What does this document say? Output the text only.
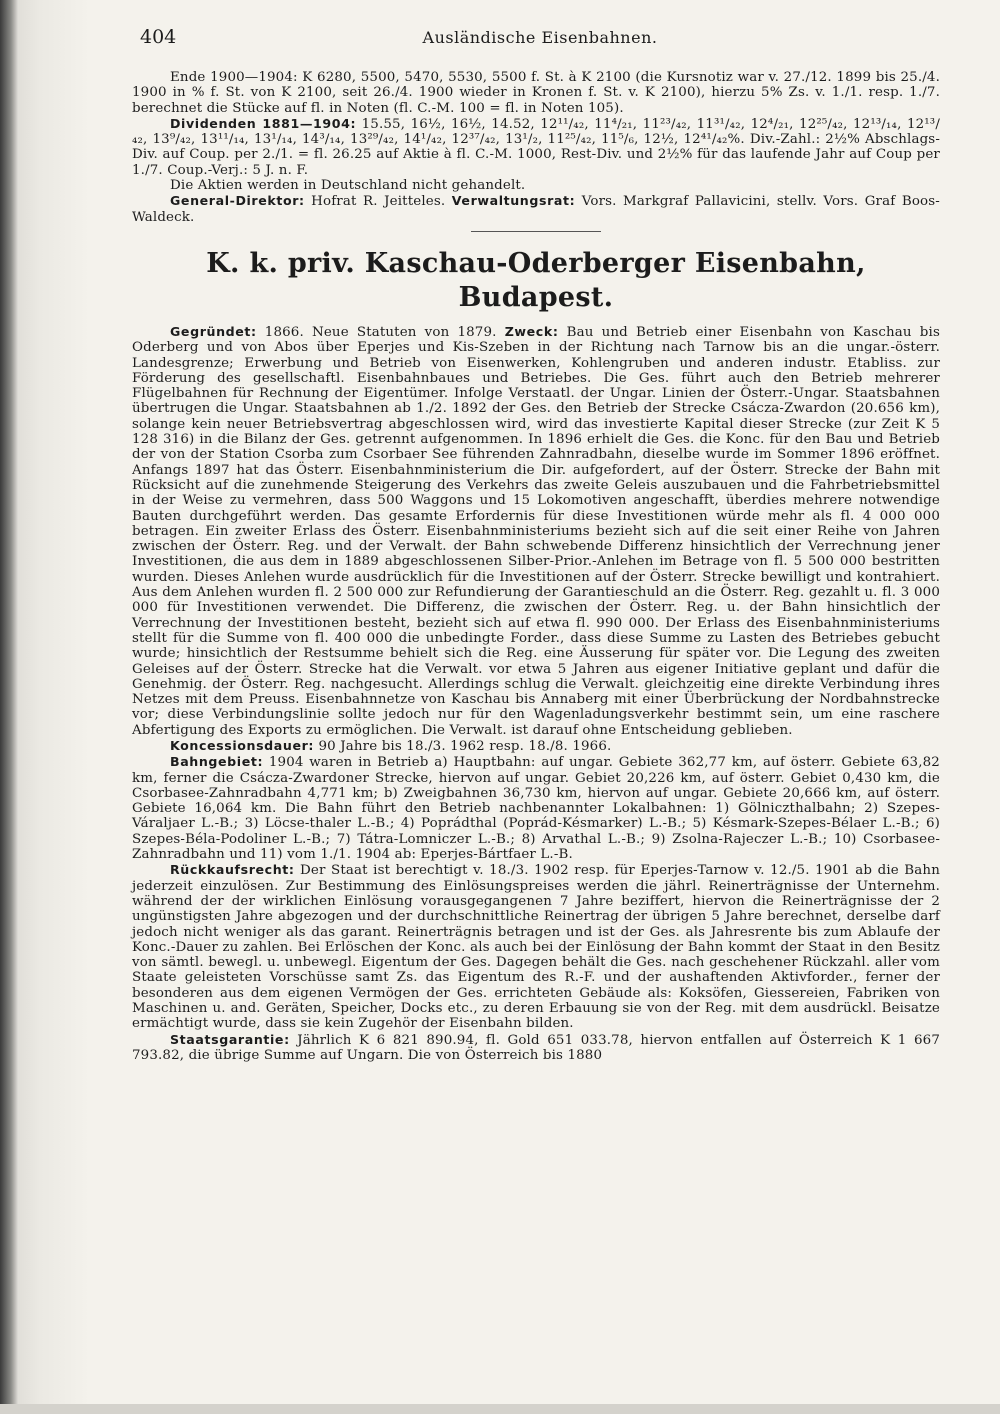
404	Ausländische Eisenbahnen.

Ende 1900—1904: K 6280, 5500, 5470, 5530, 5500 f. St. à K 2100 (die Kursnotiz war v. 27./12. 1899 bis 25./4. 1900 in % f. St. von K 2100, seit 26./4. 1900 wieder in Kronen f. St. v. K 2100), hierzu 5% Zs. v. 1./1. resp. 1./7. berechnet die Stücke auf fl. in Noten (fl. C.-M. 100 = fl. in Noten 105).

Dividenden 1881—1904: 15.55, 16½, 16½, 14.52, 12¹¹/₄₂, 11⁴/₂₁, 11²³/₄₂, 11³¹/₄₂, 12⁴/₂₁, 12²⁵/₄₂, 12¹³/₁₄, 12¹³/₄₂, 13⁹/₄₂, 13¹¹/₁₄, 13¹/₁₄, 14³/₁₄, 13²⁹/₄₂, 14¹/₄₂, 12³⁷/₄₂, 13¹/₂, 11²⁵/₄₂, 11⁵/₆, 12½, 12⁴¹/₄₂%. Div.-Zahl.: 2½% Abschlags-Div. auf Coup. per 2./1. = fl. 26.25 auf Aktie à fl. C.-M. 1000, Rest-Div. und 2½% für das laufende Jahr auf Coup per 1./7. Coup.-Verj.: 5 J. n. F.

Die Aktien werden in Deutschland nicht gehandelt.

General-Direktor: Hofrat R. Jeitteles. Verwaltungsrat: Vors. Markgraf Pallavicini, stellv. Vors. Graf Boos-Waldeck.

K. k. priv. Kaschau-Oderberger Eisenbahn, Budapest.

Gegründet: 1866. Neue Statuten von 1879. Zweck: Bau und Betrieb einer Eisenbahn von Kaschau bis Oderberg und von Abos über Eperjes und Kis-Szeben in der Richtung nach Tarnow bis an die ungar.-österr. Landesgrenze; Erwerbung und Betrieb von Eisenwerken, Kohlengruben und anderen industr. Etabliss. zur Förderung des gesellschaftl. Eisenbahnbaues und Betriebes. Die Ges. führt auch den Betrieb mehrerer Flügelbahnen für Rechnung der Eigentümer. Infolge Verstaatl. der Ungar. Linien der Österr.-Ungar. Staatsbahnen übertrugen die Ungar. Staatsbahnen ab 1./2. 1892 der Ges. den Betrieb der Strecke Csácza-Zwardon (20.656 km), solange kein neuer Betriebsvertrag abgeschlossen wird, wird das investierte Kapital dieser Strecke (zur Zeit K 5 128 316) in die Bilanz der Ges. getrennt aufgenommen. In 1896 erhielt die Ges. die Konc. für den Bau und Betrieb der von der Station Csorba zum Csorbaer See führenden Zahnradbahn, dieselbe wurde im Sommer 1896 eröffnet. Anfangs 1897 hat das Österr. Eisenbahnministerium die Dir. aufgefordert, auf der Österr. Strecke der Bahn mit Rücksicht auf die zunehmende Steigerung des Verkehrs das zweite Geleis auszubauen und die Fahrbetriebsmittel in der Weise zu vermehren, dass 500 Waggons und 15 Lokomotiven angeschafft, überdies mehrere notwendige Bauten durchgeführt werden. Das gesamte Erfordernis für diese Investitionen würde mehr als fl. 4 000 000 betragen. Ein zweiter Erlass des Österr. Eisenbahnministeriums bezieht sich auf die seit einer Reihe von Jahren zwischen der Österr. Reg. und der Verwalt. der Bahn schwebende Differenz hinsichtlich der Verrechnung jener Investitionen, die aus dem in 1889 abgeschlossenen Silber-Prior.-Anlehen im Betrage von fl. 5 500 000 bestritten wurden. Dieses Anlehen wurde ausdrücklich für die Investitionen auf der Österr. Strecke bewilligt und kontrahiert. Aus dem Anlehen wurden fl. 2 500 000 zur Refundierung der Garantieschuld an die Österr. Reg. gezahlt u. fl. 3 000 000 für Investitionen verwendet. Die Differenz, die zwischen der Österr. Reg. u. der Bahn hinsichtlich der Verrechnung der Investitionen besteht, bezieht sich auf etwa fl. 990 000. Der Erlass des Eisenbahnministeriums stellt für die Summe von fl. 400 000 die unbedingte Forder., dass diese Summe zu Lasten des Betriebes gebucht wurde; hinsichtlich der Restsumme behielt sich die Reg. eine Äusserung für später vor. Die Legung des zweiten Geleises auf der Österr. Strecke hat die Verwalt. vor etwa 5 Jahren aus eigener Initiative geplant und dafür die Genehmig. der Österr. Reg. nachgesucht. Allerdings schlug die Verwalt. gleichzeitig eine direkte Verbindung ihres Netzes mit dem Preuss. Eisenbahnnetze von Kaschau bis Annaberg mit einer Überbrückung der Nordbahnstrecke vor; diese Verbindungslinie sollte jedoch nur für den Wagenladungsverkehr bestimmt sein, um eine raschere Abfertigung des Exports zu ermöglichen. Die Verwalt. ist darauf ohne Entscheidung geblieben.

Koncessionsdauer: 90 Jahre bis 18./3. 1962 resp. 18./8. 1966.

Bahngebiet: 1904 waren in Betrieb a) Hauptbahn: auf ungar. Gebiete 362,77 km, auf österr. Gebiete 63,82 km, ferner die Csácza-Zwardoner Strecke, hiervon auf ungar. Gebiet 20,226 km, auf österr. Gebiet 0,430 km, die Csorbasee-Zahnradbahn 4,771 km; b) Zweigbahnen 36,730 km, hiervon auf ungar. Gebiete 20,666 km, auf österr. Gebiete 16,064 km. Die Bahn führt den Betrieb nachbenannter Lokalbahnen: 1) Gölniczthalbahn; 2) Szepes-Váraljaer L.-B.; 3) Löcse-thaler L.-B.; 4) Poprádthal (Poprád-Késmarker) L.-B.; 5) Késmark-Szepes-Bélaer L.-B.; 6) Szepes-Béla-Podoliner L.-B.; 7) Tátra-Lomniczer L.-B.; 8) Arvathal L.-B.; 9) Zsolna-Rajeczer L.-B.; 10) Csorbasee-Zahnradbahn und 11) vom 1./1. 1904 ab: Eperjes-Bártfaer L.-B.

Rückkaufsrecht: Der Staat ist berechtigt v. 18./3. 1902 resp. für Eperjes-Tarnow v. 12./5. 1901 ab die Bahn jederzeit einzulösen. Zur Bestimmung des Einlösungspreises werden die jährl. Reinerträgnisse der Unternehm. während der der wirklichen Einlösung vorausgegangenen 7 Jahre beziffert, hiervon die Reinerträgnisse der 2 ungünstigsten Jahre abgezogen und der durchschnittliche Reinertrag der übrigen 5 Jahre berechnet, derselbe darf jedoch nicht weniger als das garant. Reinerträgnis betragen und ist der Ges. als Jahresrente bis zum Ablaufe der Konc.-Dauer zu zahlen. Bei Erlöschen der Konc. als auch bei der Einlösung der Bahn kommt der Staat in den Besitz von sämtl. bewegl. u. unbewegl. Eigentum der Ges. Dagegen behält die Ges. nach geschehener Rückzahl. aller vom Staate geleisteten Vorschüsse samt Zs. das Eigentum des R.-F. und der aushaftenden Aktivforder., ferner der besonderen aus dem eigenen Vermögen der Ges. errichteten Gebäude als: Koksöfen, Giessereien, Fabriken von Maschinen u. and. Geräten, Speicher, Docks etc., zu deren Erbauung sie von der Reg. mit dem ausdrückl. Beisatze ermächtigt wurde, dass sie kein Zugehör der Eisenbahn bilden.

Staatsgarantie: Jährlich K 6 821 890.94, fl. Gold 651 033.78, hiervon entfallen auf Österreich K 1 667 793.82, die übrige Summe auf Ungarn. Die von Österreich bis 1880
